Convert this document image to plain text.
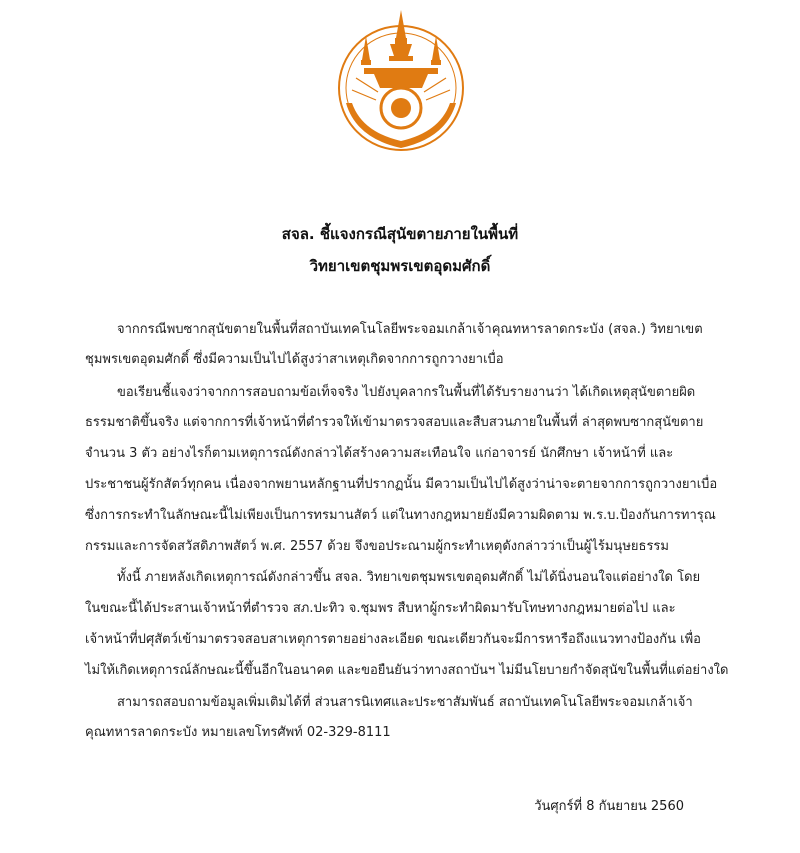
สจล. ชี้แจงกรณีสุนัขตายภายในพื้นที่
วิทยาเขตชุมพรเขตอุดมศักดิ์
จากกรณีพบซากสุนัขตายในพื้นที่สถาบันเทคโนโลยีพระจอมเกล้าเจ้าคุณทหารลาดกระบัง (สจล.) วิทยาเขต
ชุมพรเขตอุดมศักดิ์ ซึ่งมีความเป็นไปได้สูงว่าสาเหตุเกิดจากการถูกวางยาเบื่อ
ขอเรียนชี้แจงว่าจากการสอบถามข้อเท็จจริง ไปยังบุคลากรในพื้นที่ได้รับรายงานว่า ได้เกิดเหตุสุนัขตายผิด
ธรรมชาติขึ้นจริง แต่จากการที่เจ้าหน้าที่ตำรวจให้เข้ามาตรวจสอบและสืบสวนภายในพื้นที่ ล่าสุดพบซากสุนัขตาย
จำนวน 3 ตัว อย่างไรก็ตามเหตุการณ์ดังกล่าวได้สร้างความสะเทือนใจ แก่อาจารย์ นักศึกษา เจ้าหน้าที่ และ
ประชาชนผู้รักสัตว์ทุกคน เนื่องจากพยานหลักฐานที่ปรากฏนั้น มีความเป็นไปได้สูงว่าน่าจะตายจากการถูกวางยาเบื่อ
ซึ่งการกระทำในลักษณะนี้ไม่เพียงเป็นการทรมานสัตว์ แต่ในทางกฎหมายยังมีความผิดตาม พ.ร.บ.ป้องกันการทารุณ
กรรมและการจัดสวัสดิภาพสัตว์ พ.ศ. 2557 ด้วย จึงขอประณามผู้กระทำเหตุดังกล่าวว่าเป็นผู้ไร้มนุษยธรรม
ทั้งนี้ ภายหลังเกิดเหตุการณ์ดังกล่าวขึ้น สจล. วิทยาเขตชุมพรเขตอุดมศักดิ์ ไม่ได้นิ่งนอนใจแต่อย่างใด โดย
ในขณะนี้ได้ประสานเจ้าหน้าที่ตำรวจ สภ.ปะทิว จ.ชุมพร สืบหาผู้กระทำผิดมารับโทษทางกฎหมายต่อไป และ
เจ้าหน้าที่ปศุสัตว์เข้ามาตรวจสอบสาเหตุการตายอย่างละเอียด ขณะเดียวกันจะมีการหารือถึงแนวทางป้องกัน เพื่อ
ไม่ให้เกิดเหตุการณ์ลักษณะนี้ขึ้นอีกในอนาคต และขอยืนยันว่าทางสถาบันฯ ไม่มีนโยบายกำจัดสุนัขในพื้นที่แต่อย่างใด
สามารถสอบถามข้อมูลเพิ่มเติมได้ที่ ส่วนสารนิเทศและประชาสัมพันธ์ สถาบันเทคโนโลยีพระจอมเกล้าเจ้า
คุณทหารลาดกระบัง หมายเลขโทรศัพท์ 02-329-8111
วันศุกร์ที่ 8 กันยายน 2560
